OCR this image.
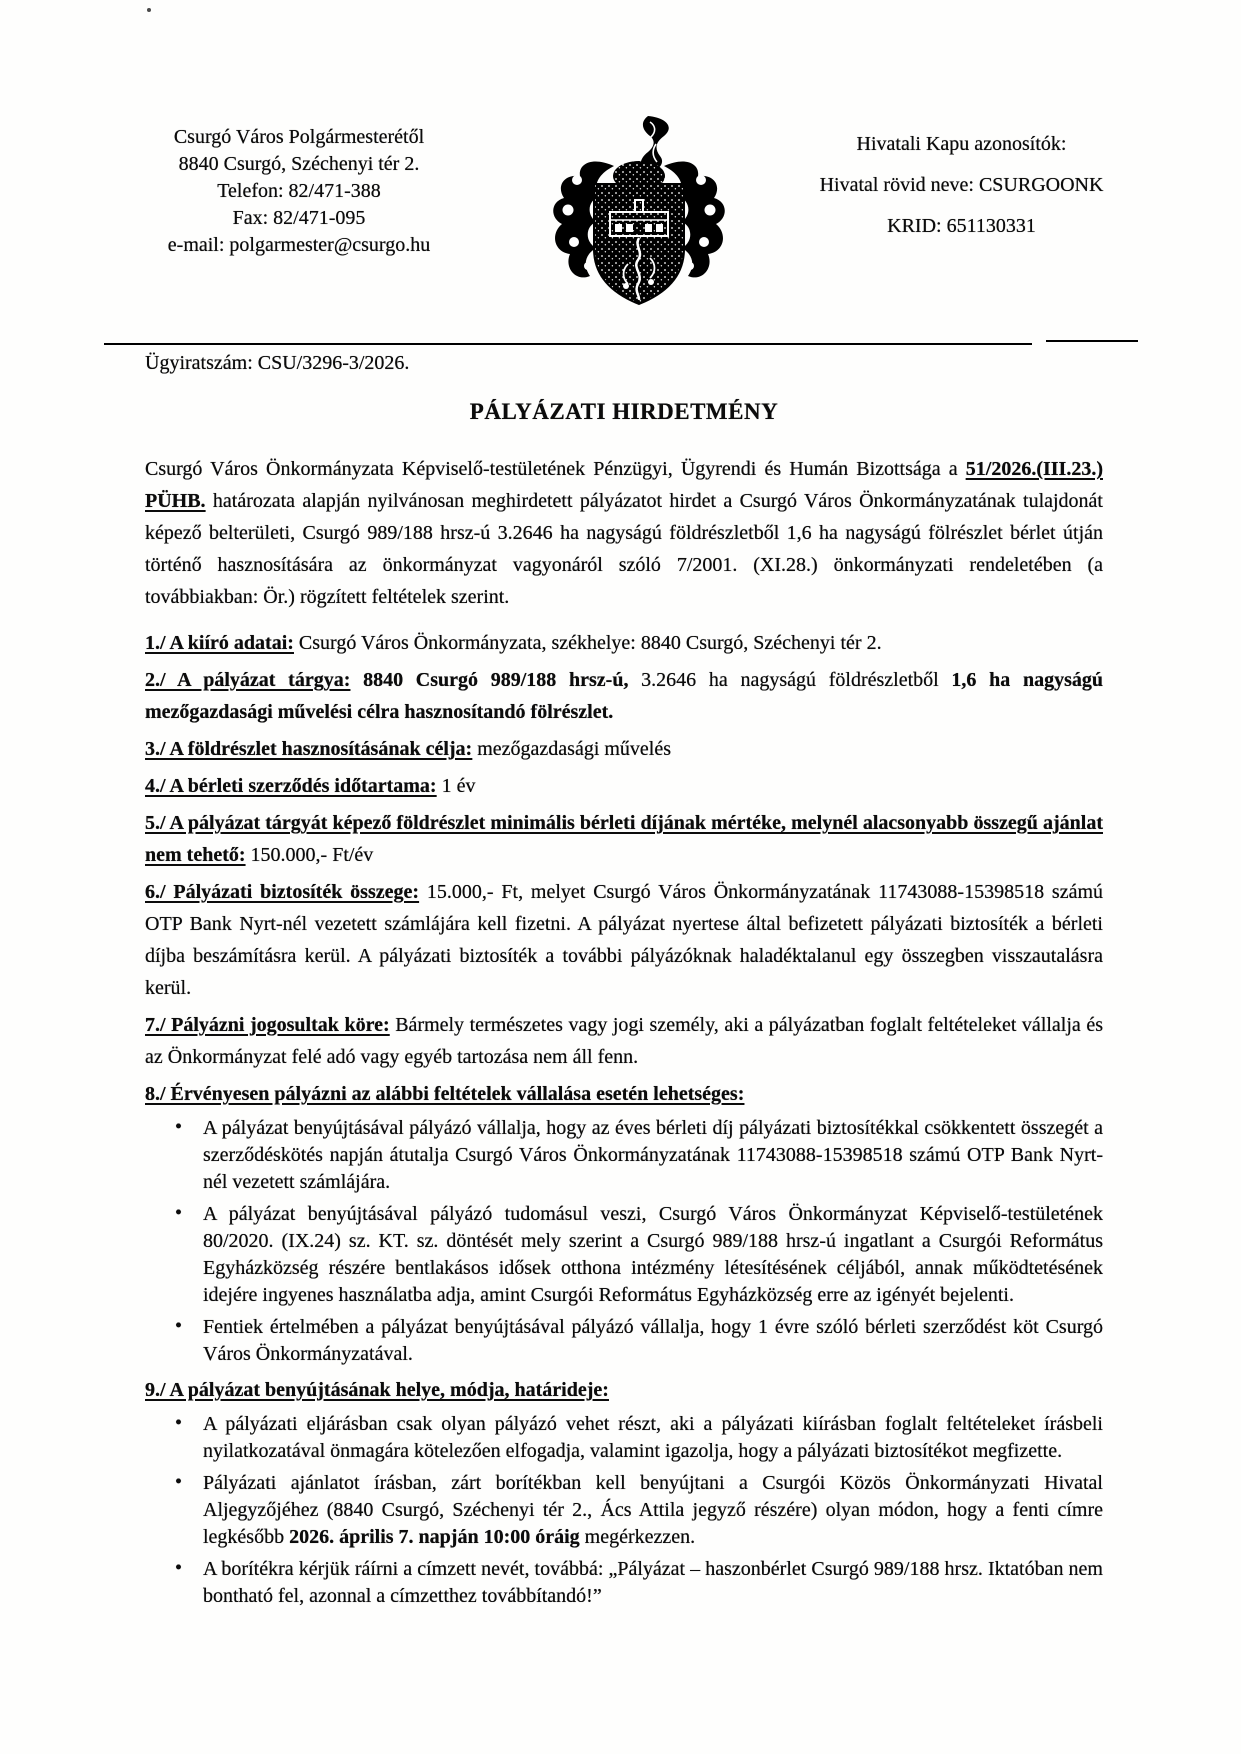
Csurgó Város Polgármesterétől
8840 Csurgó, Széchenyi tér 2.
Telefon: 82/471-388
Fax: 82/471-095
e-mail: polgarmester@csurgo.hu
Hivatali Kapu azonosítók:
Hivatal rövid neve: CSURGOONK
KRID: 651130331
Ügyiratszám: CSU/3296-3/2026.
PÁLYÁZATI HIRDETMÉNY

Csurgó Város Önkormányzata Képviselő-testületének Pénzügyi, Ügyrendi és Humán Bizottsága a 51/2026.(III.23.) PÜHB. határozata alapján nyilvánosan meghirdetett pályázatot hirdet a Csurgó Város Önkormányzatának tulajdonát képező belterületi, Csurgó 989/188 hrsz-ú 3.2646 ha nagyságú földrészletből 1,6 ha nagyságú fölrészlet bérlet útján történő hasznosítására az önkormányzat vagyonáról szóló 7/2001. (XI.28.) önkormányzati rendeletében (a továbbiakban: Ör.) rögzített feltételek szerint.

1./ A kiíró adatai: Csurgó Város Önkormányzata, székhelye: 8840 Csurgó, Széchenyi tér 2.

2./ A pályázat tárgya: 8840 Csurgó 989/188 hrsz-ú, 3.2646 ha nagyságú földrészletből 1,6 ha nagyságú mezőgazdasági művelési célra hasznosítandó fölrészlet.

3./ A földrészlet hasznosításának célja: mezőgazdasági művelés

4./ A bérleti szerződés időtartama: 1 év

5./ A pályázat tárgyát képező földrészlet minimális bérleti díjának mértéke, melynél alacsonyabb összegű ajánlat nem tehető: 150.000,- Ft/év

6./ Pályázati biztosíték összege: 15.000,- Ft, melyet Csurgó Város Önkormányzatának 11743088-15398518 számú OTP Bank Nyrt-nél vezetett számlájára kell fizetni. A pályázat nyertese által befizetett pályázati biztosíték a bérleti díjba beszámításra kerül. A pályázati biztosíték a további pályázóknak haladéktalanul egy összegben visszautalásra kerül.

7./ Pályázni jogosultak köre: Bármely természetes vagy jogi személy, aki a pályázatban foglalt feltételeket vállalja és az Önkormányzat felé adó vagy egyéb tartozása nem áll fenn.

8./ Érvényesen pályázni az alábbi feltételek vállalása esetén lehetséges:

• A pályázat benyújtásával pályázó vállalja, hogy az éves bérleti díj pályázati biztosítékkal csökkentett összegét a szerződéskötés napján átutalja Csurgó Város Önkormányzatának 11743088-15398518 számú OTP Bank Nyrt-nél vezetett számlájára.
• A pályázat benyújtásával pályázó tudomásul veszi, Csurgó Város Önkormányzat Képviselő-testületének 80/2020. (IX.24) sz. KT. sz. döntését mely szerint a Csurgó 989/188 hrsz-ú ingatlant a Csurgói Református Egyházközség részére bentlakásos idősek otthona intézmény létesítésének céljából, annak működtetésének idejére ingyenes használatba adja, amint Csurgói Református Egyházközség erre az igényét bejelenti.
• Fentiek értelmében a pályázat benyújtásával pályázó vállalja, hogy 1 évre szóló bérleti szerződést köt Csurgó Város Önkormányzatával.

9./ A pályázat benyújtásának helye, módja, határideje:

• A pályázati eljárásban csak olyan pályázó vehet részt, aki a pályázati kiírásban foglalt feltételeket írásbeli nyilatkozatával önmagára kötelezően elfogadja, valamint igazolja, hogy a pályázati biztosítékot megfizette.
• Pályázati ajánlatot írásban, zárt borítékban kell benyújtani a Csurgói Közös Önkormányzati Hivatal Aljegyzőjéhez (8840 Csurgó, Széchenyi tér 2., Ács Attila jegyző részére) olyan módon, hogy a fenti címre legkésőbb 2026. április 7. napján 10:00 óráig megérkezzen.
• A borítékra kérjük ráírni a címzett nevét, továbbá: „Pályázat – haszonbérlet Csurgó 989/188 hrsz. Iktatóban nem bontható fel, azonnal a címzetthez továbbítandó!”
